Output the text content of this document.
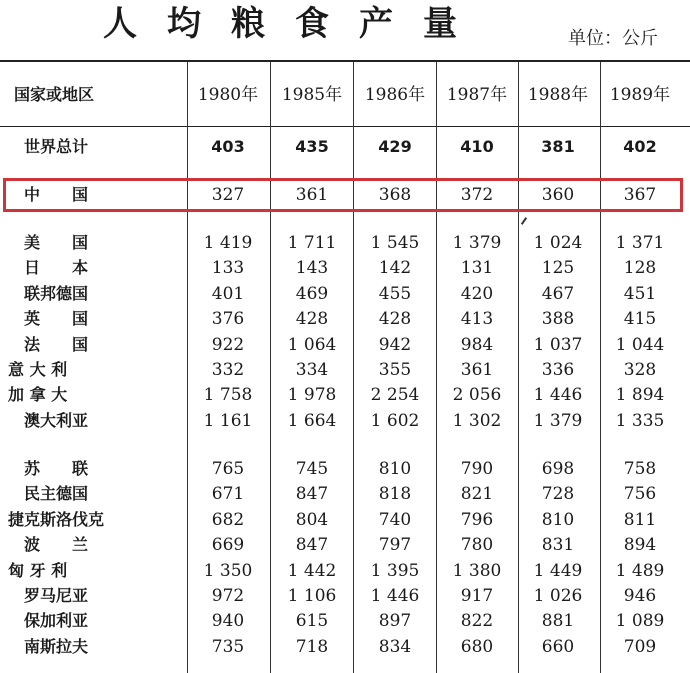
人均粮食产量	单位：公斤
国家或地区	1980年	1985年	1986年	1987年	1988年	1989年
世界总计	403	435	429	410	381	402
中　　国	327	361	368	372	360	367
美　　国	1 419	1 711	1 545	1 379	1 024	1 371
日　　本	133	143	142	131	125	128
联邦德国	401	469	455	420	467	451
英　　国	376	428	428	413	388	415
法　　国	922	1 064	942	984	1 037	1 044
意 大 利	332	334	355	361	336	328
加 拿 大	1 758	1 978	2 254	2 056	1 446	1 894
澳大利亚	1 161	1 664	1 602	1 302	1 379	1 335
苏　　联	765	745	810	790	698	758
民主德国	671	847	818	821	728	756
捷克斯洛伐克	682	804	740	796	810	811
波　　兰	669	847	797	780	831	894
匈 牙 利	1 350	1 442	1 395	1 380	1 449	1 489
罗马尼亚	972	1 106	1 446	917	1 026	946
保加利亚	940	615	897	822	881	1 089
南斯拉夫	735	718	834	680	660	709
